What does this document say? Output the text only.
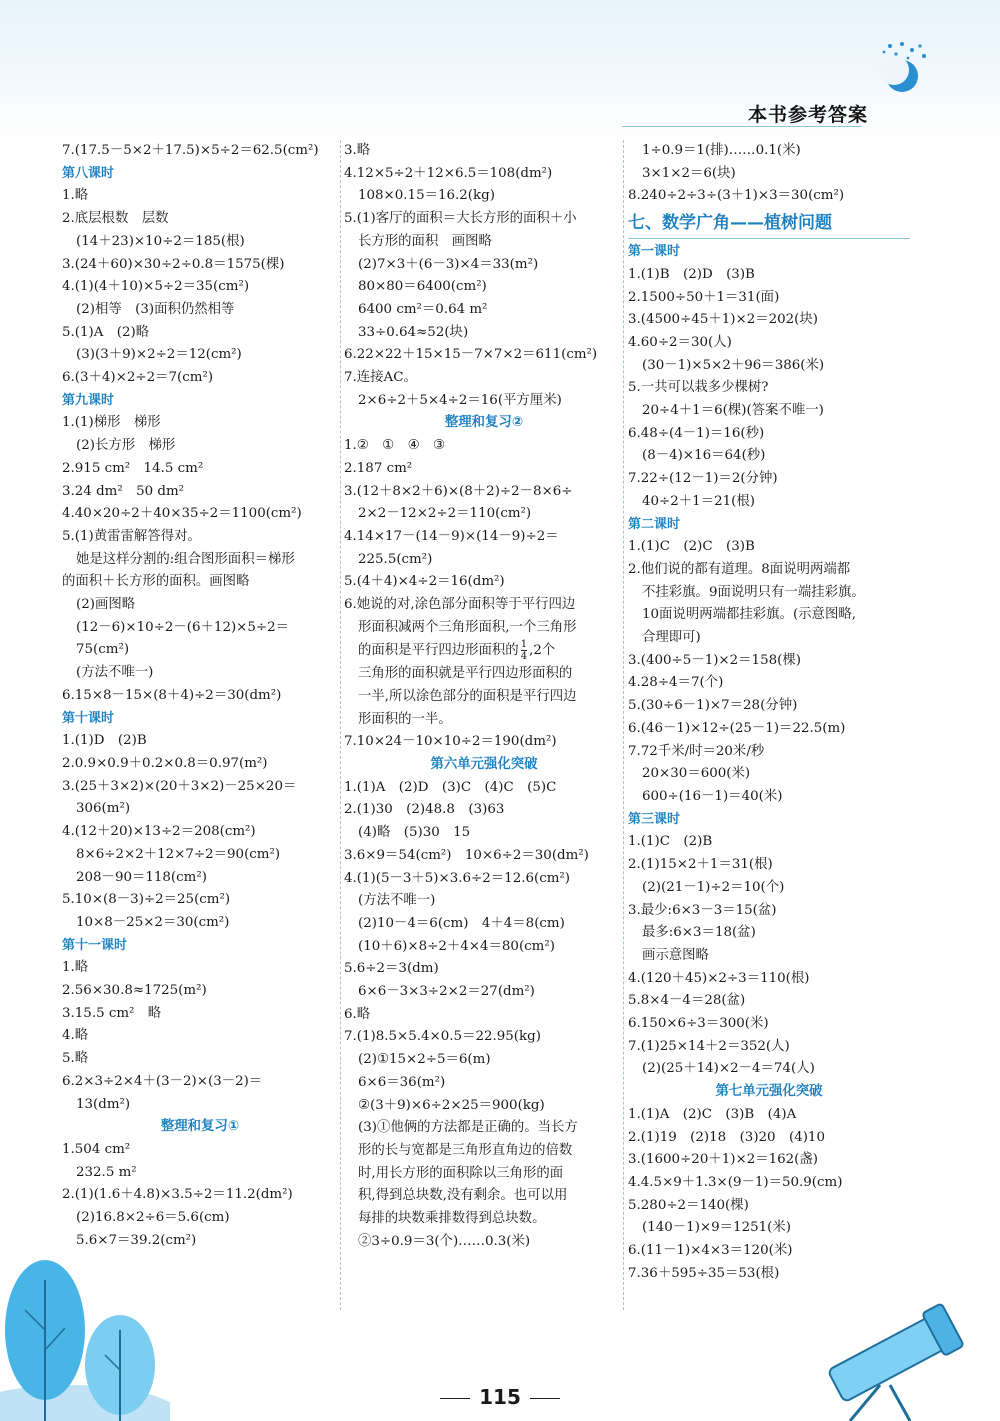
本书参考答案
7.(17.5－5×2＋17.5)×5÷2＝62.5(cm²)
第八课时
1.略
2.底层根数　层数
(14＋23)×10÷2＝185(根)
3.(24＋60)×30÷2÷0.8＝1575(棵)
4.(1)(4＋10)×5÷2＝35(cm²)
(2)相等　(3)面积仍然相等
5.(1)A　(2)略
(3)(3＋9)×2÷2＝12(cm²)
6.(3＋4)×2÷2＝7(cm²)
第九课时
1.(1)梯形　梯形
(2)长方形　梯形
2.915 cm²　14.5 cm²
3.24 dm²　50 dm²
4.40×20÷2＋40×35÷2＝1100(cm²)
5.(1)黄雷雷解答得对。
她是这样分割的:组合图形面积＝梯形
的面积＋长方形的面积。画图略
(2)画图略
(12－6)×10÷2－(6＋12)×5÷2＝
75(cm²)
(方法不唯一)
6.15×8－15×(8＋4)÷2＝30(dm²)
第十课时
1.(1)D　(2)B
2.0.9×0.9＋0.2×0.8＝0.97(m²)
3.(25＋3×2)×(20＋3×2)－25×20＝
306(m²)
4.(12＋20)×13÷2＝208(cm²)
8×6÷2×2＋12×7÷2＝90(cm²)
208－90＝118(cm²)
5.10×(8－3)÷2＝25(cm²)
10×8－25×2＝30(cm²)
第十一课时
1.略
2.56×30.8≈1725(m²)
3.15.5 cm²　略
4.略
5.略
6.2×3÷2×4＋(3－2)×(3－2)＝
13(dm²)
整理和复习①
1.504 cm²
232.5 m²
2.(1)(1.6＋4.8)×3.5÷2＝11.2(dm²)
(2)16.8×2÷6＝5.6(cm)
5.6×7＝39.2(cm²)
3.略
4.12×5÷2＋12×6.5＝108(dm²)
108×0.15＝16.2(kg)
5.(1)客厅的面积＝大长方形的面积＋小
长方形的面积　画图略
(2)7×3＋(6－3)×4＝33(m²)
80×80＝6400(cm²)
6400 cm²＝0.64 m²
33÷0.64≈52(块)
6.22×22＋15×15－7×7×2＝611(cm²)
7.连接AC。
2×6÷2＋5×4÷2＝16(平方厘米)
整理和复习②
1.②　①　④　③
2.187 cm²
3.(12＋8×2＋6)×(8＋2)÷2－8×6÷
2×2－12×2÷2＝110(cm²)
4.14×17－(14－9)×(14－9)÷2＝
225.5(cm²)
5.(4＋4)×4÷2＝16(dm²)
6.她说的对,涂色部分面积等于平行四边
形面积减两个三角形面积,一个三角形
的面积是平行四边形面积的 $\frac{1}{4} ,2$个
三角形的面积就是平行四边形面积的
一半,所以涂色部分的面积是平行四边
形面积的一半。
7.10×24－10×10÷2＝190(dm²)
第六单元强化突破
1.(1)A　(2)D　(3)C　(4)C　(5)C
2.(1)30　(2)48.8　(3)63
(4)略　(5)30　15
3.6×9＝54(cm²)　10×6÷2＝30(dm²)
4.(1)(5－3＋5)×3.6÷2＝12.6(cm²)
(方法不唯一)
(2)10－4＝6(cm)　4＋4＝8(cm)
(10＋6)×8÷2＋4×4＝80(cm²)
5.6÷2＝3(dm)
6×6－3×3÷2×2＝27(dm²)
6.略
7.(1)8.5×5.4×0.5＝22.95(kg)
(2)①15×2÷5＝6(m)
6×6＝36(m²)
②(3＋9)×6÷2×25＝900(kg)
(3)①他俩的方法都是正确的。当长方
形的长与宽都是三角形直角边的倍数
时,用长方形的面积除以三角形的面
积,得到总块数,没有剩余。也可以用
每排的块数乘排数得到总块数。
②3÷0.9＝3(个)……0.3(米)
1÷0.9＝1(排)……0.1(米)
3×1×2＝6(块)
8.240÷2÷3÷(3＋1)×3＝30(cm²)
七、数学广角——植树问题
第一课时
1.(1)B　(2)D　(3)B
2.1500÷50＋1＝31(面)
3.(4500÷45＋1)×2＝202(块)
4.60÷2＝30(人)
(30－1)×5×2＋96＝386(米)
5.一共可以栽多少棵树?
20÷4＋1＝6(棵)(答案不唯一)
6.48÷(4－1)＝16(秒)
(8－4)×16＝64(秒)
7.22÷(12－1)＝2(分钟)
40÷2＋1＝21(根)
第二课时
1.(1)C　(2)C　(3)B
2.他们说的都有道理。8面说明两端都
不挂彩旗。9面说明只有一端挂彩旗。
10面说明两端都挂彩旗。(示意图略,
合理即可)
3.(400÷5－1)×2＝158(棵)
4.28÷4＝7(个)
5.(30÷6－1)×7＝28(分钟)
6.(46－1)×12÷(25－1)＝22.5(m)
7.72千米/时＝20米/秒
20×30＝600(米)
600÷(16－1)＝40(米)
第三课时
1.(1)C　(2)B
2.(1)15×2＋1＝31(根)
(2)(21－1)÷2＝10(个)
3.最少:6×3－3＝15(盆)
最多:6×3＝18(盆)
画示意图略
4.(120＋45)×2÷3＝110(根)
5.8×4－4＝28(盆)
6.150×6÷3＝300(米)
7.(1)25×14＋2＝352(人)
(2)(25＋14)×2－4＝74(人)
第七单元强化突破
1.(1)A　(2)C　(3)B　(4)A
2.(1)19　(2)18　(3)20　(4)10
3.(1600÷20＋1)×2＝162(盏)
4.4.5×9＋1.3×(9－1)＝50.9(cm)
5.280÷2＝140(棵)
(140－1)×9＝1251(米)
6.(11－1)×4×3＝120(米)
7.36＋595÷35＝53(根)
115
